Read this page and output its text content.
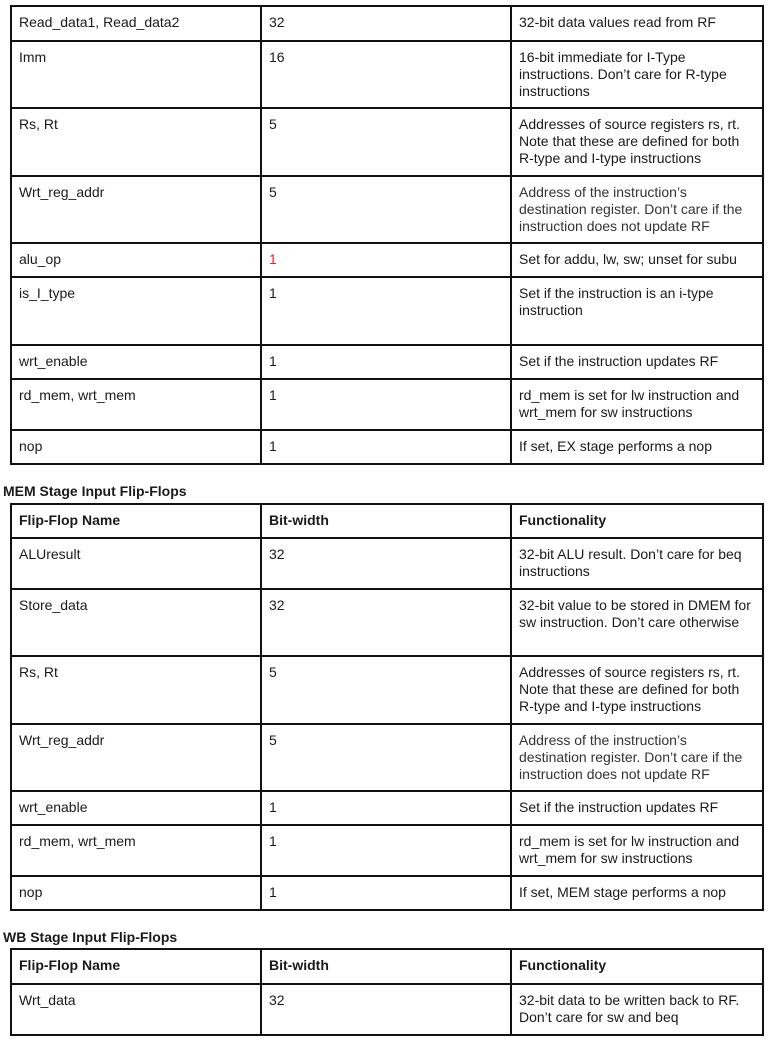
Read_data1, Read_data2	32	32-bit data values read from RF
Imm	16	16-bit immediate for I-Type instructions. Don’t care for R-type instructions
Rs, Rt	5	Addresses of source registers rs, rt. Note that these are defined for both R-type and I-type instructions
Wrt_reg_addr	5	Address of the instruction’s destination register. Don’t care if the instruction does not update RF
alu_op	1	Set for addu, lw, sw; unset for subu
is_I_type	1	Set if the instruction is an i-type instruction
wrt_enable	1	Set if the instruction updates RF
rd_mem, wrt_mem	1	rd_mem is set for lw instruction and wrt_mem for sw instructions
nop	1	If set, EX stage performs a nop
MEM Stage Input Flip-Flops
Flip-Flop Name	Bit-width	Functionality
ALUresult	32	32-bit ALU result. Don’t care for beq instructions
Store_data	32	32-bit value to be stored in DMEM for sw instruction. Don’t care otherwise
Rs, Rt	5	Addresses of source registers rs, rt. Note that these are defined for both R-type and I-type instructions
Wrt_reg_addr	5	Address of the instruction’s destination register. Don’t care if the instruction does not update RF
wrt_enable	1	Set if the instruction updates RF
rd_mem, wrt_mem	1	rd_mem is set for lw instruction and wrt_mem for sw instructions
nop	1	If set, MEM stage performs a nop
WB Stage Input Flip-Flops
Flip-Flop Name	Bit-width	Functionality
Wrt_data	32	32-bit data to be written back to RF. Don’t care for sw and beq
